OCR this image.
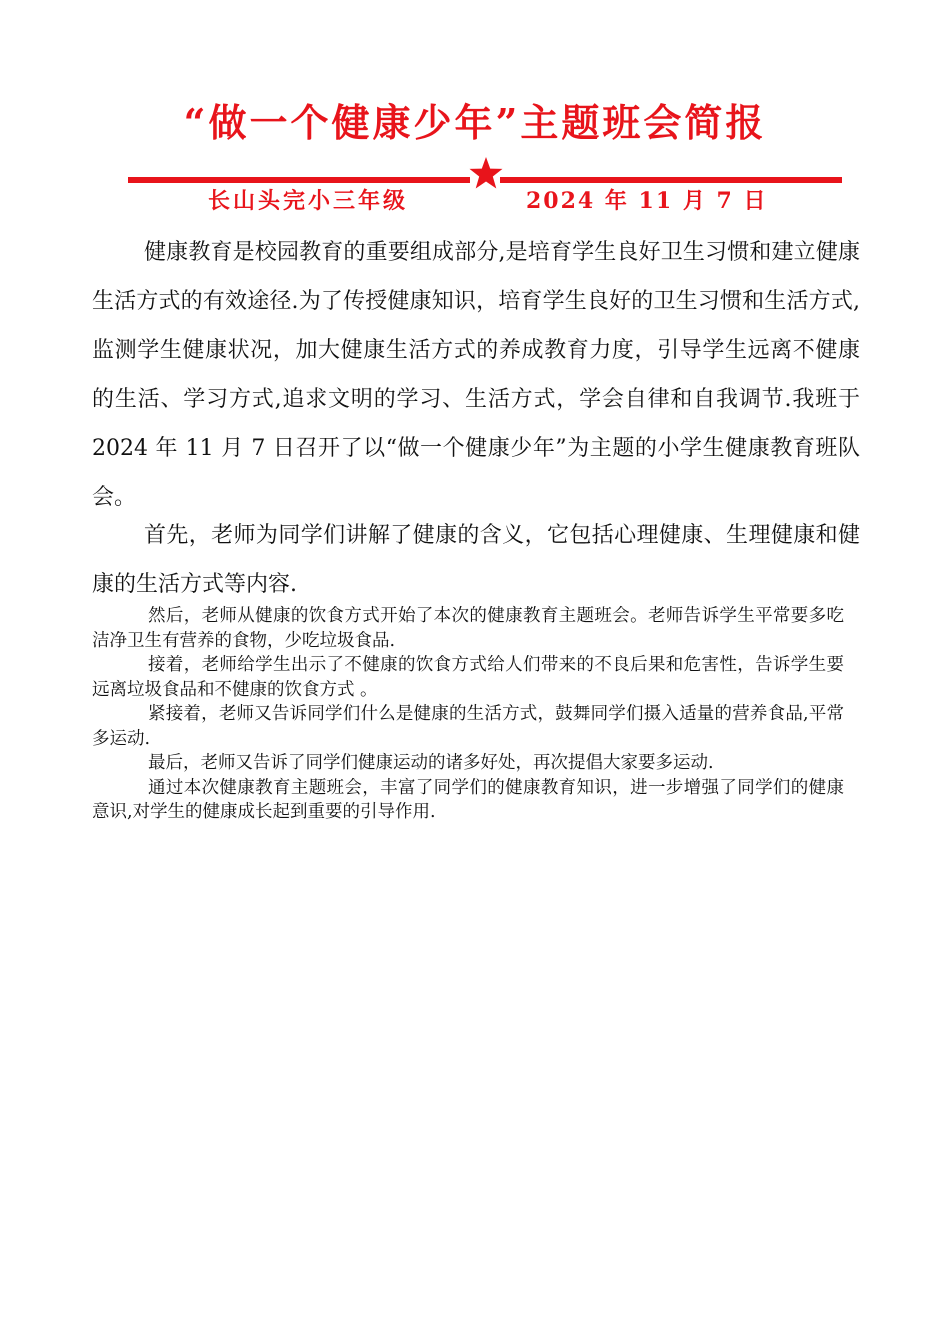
“做一个健康少年”主题班会简报
长山头完小三年级	2024 年 11 月 7 日

健康教育是校园教育的重要组成部分,是培育学生良好卫生习惯和建立健康生活方式的有效途径.为了传授健康知识，培育学生良好的卫生习惯和生活方式,监测学生健康状况，加大健康生活方式的养成教育力度，引导学生远离不健康的生活、学习方式,追求文明的学习、生活方式，学会自律和自我调节.我班于 2024 年 11 月 7 日召开了以“做一个健康少年”为主题的小学生健康教育班队会。

首先，老师为同学们讲解了健康的含义，它包括心理健康、生理健康和健康的生活方式等内容.

然后，老师从健康的饮食方式开始了本次的健康教育主题班会。老师告诉学生平常要多吃洁净卫生有营养的食物，少吃垃圾食品.

接着，老师给学生出示了不健康的饮食方式给人们带来的不良后果和危害性，告诉学生要远离垃圾食品和不健康的饮食方式 。

紧接着，老师又告诉同学们什么是健康的生活方式，鼓舞同学们摄入适量的营养食品,平常多运动.

最后，老师又告诉了同学们健康运动的诸多好处，再次提倡大家要多运动.

通过本次健康教育主题班会，丰富了同学们的健康教育知识，进一步增强了同学们的健康意识,对学生的健康成长起到重要的引导作用.
